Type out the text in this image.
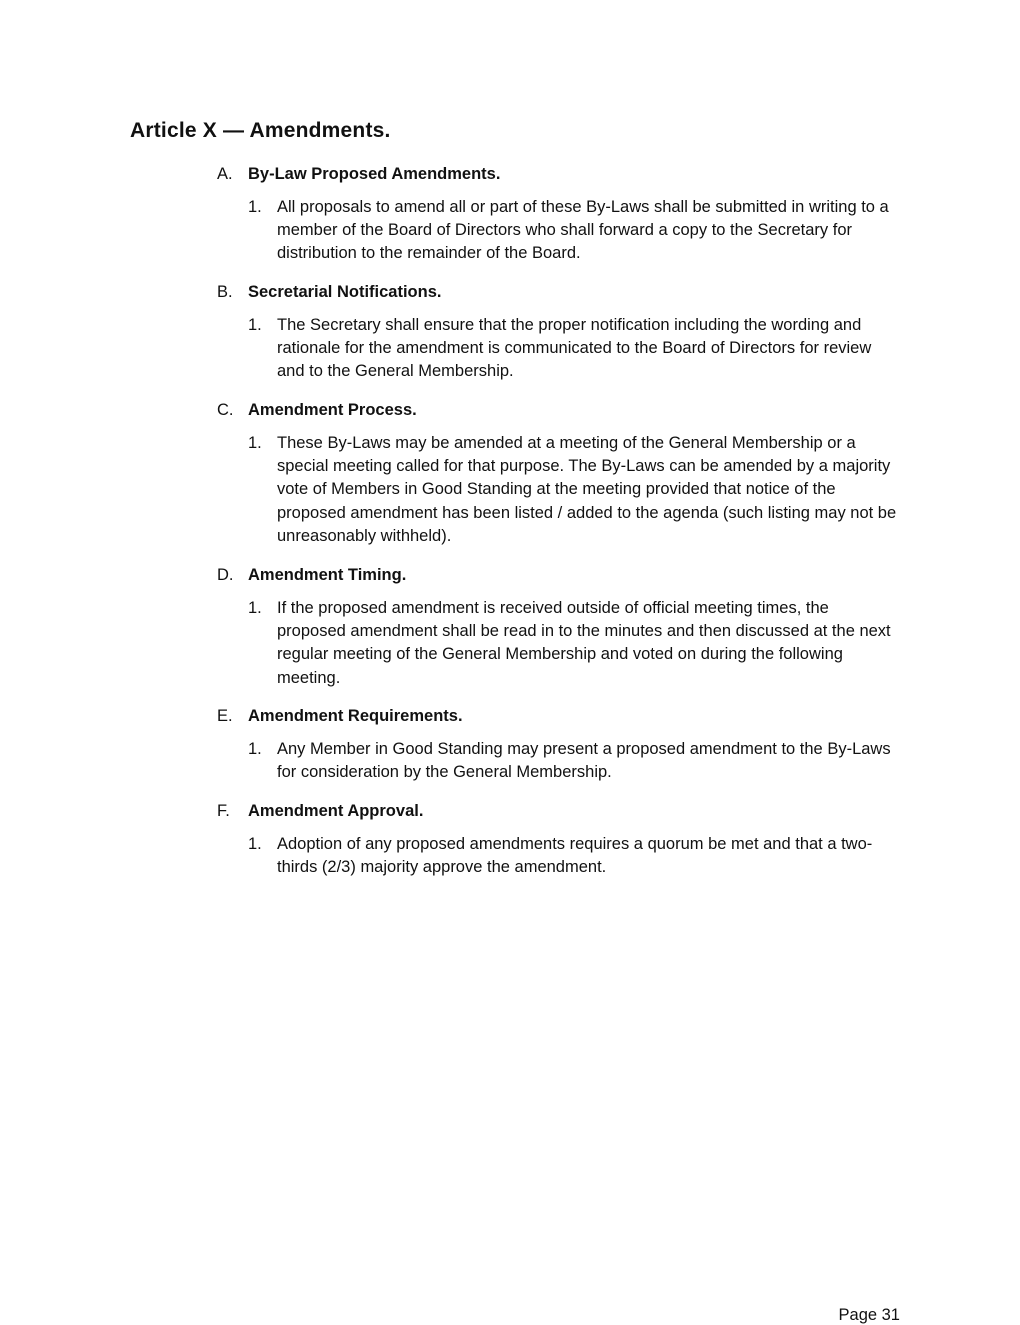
Article X — Amendments.
A. By-Law Proposed Amendments.
1. All proposals to amend all or part of these By-Laws shall be submitted in writing to a member of the Board of Directors who shall forward a copy to the Secretary for distribution to the remainder of the Board.
B. Secretarial Notifications.
1. The Secretary shall ensure that the proper notification including the wording and rationale for the amendment is communicated to the Board of Directors for review and to the General Membership.
C. Amendment Process.
1. These By-Laws may be amended at a meeting of the General Membership or a special meeting called for that purpose. The By-Laws can be amended by a majority vote of Members in Good Standing at the meeting provided that notice of the proposed amendment has been listed / added to the agenda (such listing may not be unreasonably withheld).
D. Amendment Timing.
1. If the proposed amendment is received outside of official meeting times, the proposed amendment shall be read in to the minutes and then discussed at the next regular meeting of the General Membership and voted on during the following meeting.
E. Amendment Requirements.
1. Any Member in Good Standing may present a proposed amendment to the By-Laws for consideration by the General Membership.
F. Amendment Approval.
1. Adoption of any proposed amendments requires a quorum be met and that a two-thirds (2/3) majority approve the amendment.
Page 31
